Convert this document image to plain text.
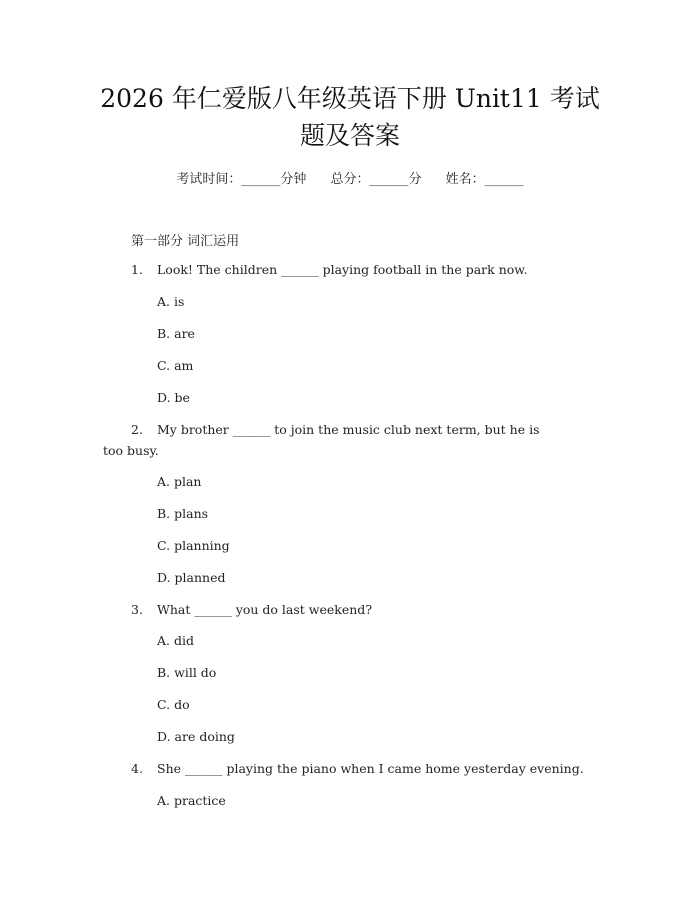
2026 年仁爱版八年级英语下册 Unit11 考试
题及答案
考试时间：______分钟 总分：______分 姓名：______
第一部分 词汇运用
1. Look! The children ______ playing football in the park now.
A. is
B. are
C. am
D. be
2. My brother ______ to join the music club next term, but he is
too busy.
A. plan
B. plans
C. planning
D. planned
3. What ______ you do last weekend?
A. did
B. will do
C. do
D. are doing
4. She ______ playing the piano when I came home yesterday evening.
A. practice
